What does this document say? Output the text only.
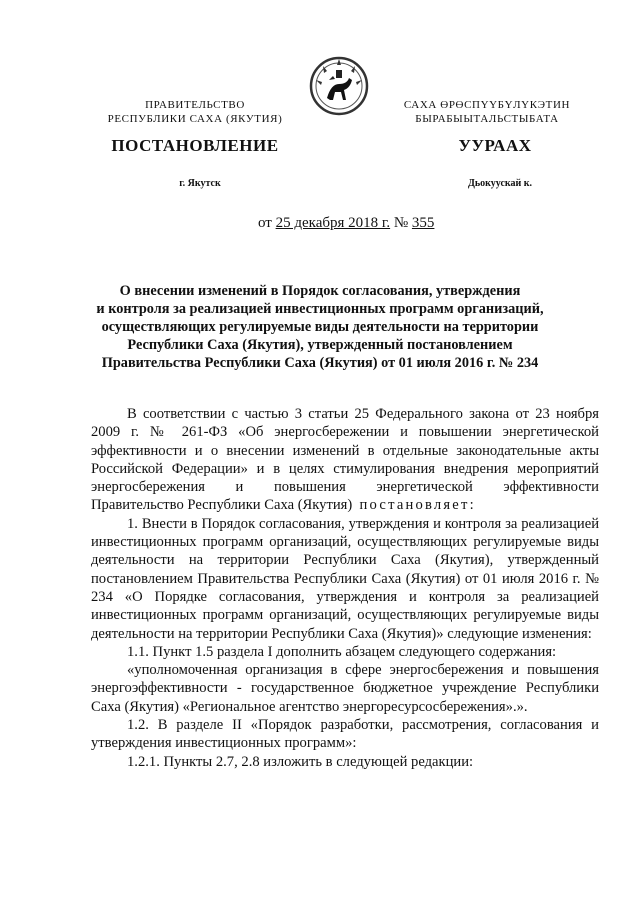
ПРАВИТЕЛЬСТВО
РЕСПУБЛИКИ САХА (ЯКУТИЯ)
САХА ӨРӨСПҮҮБҮЛҮКЭТИН
БЫРАБЫЫТАЛЬСТЫБАТА
ПОСТАНОВЛЕНИЕ	УУРААХ
г. Якутск	Дьокуускай к.
от 25 декабря 2018 г. № 355
О внесении изменений в Порядок согласования, утверждения
и контроля за реализацией инвестиционных программ организаций,
осуществляющих регулируемые виды деятельности на территории
Республики Саха (Якутия), утвержденный постановлением
Правительства Республики Саха (Якутия) от 01 июля 2016 г. № 234

В соответствии с частью 3 статьи 25 Федерального закона от 23 ноября 2009 г. № 261-ФЗ «Об энергосбережении и повышении энергетической эффективности и о внесении изменений в отдельные законодательные акты Российской Федерации» и в целях стимулирования внедрения мероприятий энергосбережения и повышения энергетической эффективности

Правительство Республики Саха (Якутия) постановляет:

1. Внести в Порядок согласования, утверждения и контроля за реализацией инвестиционных программ организаций, осуществляющих регулируемые виды деятельности на территории Республики Саха (Якутия), утвержденный постановлением Правительства Республики Саха (Якутия) от 01 июля 2016 г. № 234 «О Порядке согласования, утверждения и контроля за реализацией инвестиционных программ организаций, осуществляющих регулируемые виды деятельности на территории Республики Саха (Якутия)» следующие изменения:

1.1. Пункт 1.5 раздела I дополнить абзацем следующего содержания:

«уполномоченная организация в сфере энергосбережения и повышения энергоэффективности - государственное бюджетное учреждение Республики Саха (Якутия) «Региональное агентство энергоресурсосбережения».».

1.2. В разделе II «Порядок разработки, рассмотрения, согласования и утверждения инвестиционных программ»:

1.2.1. Пункты 2.7, 2.8 изложить в следующей редакции:
